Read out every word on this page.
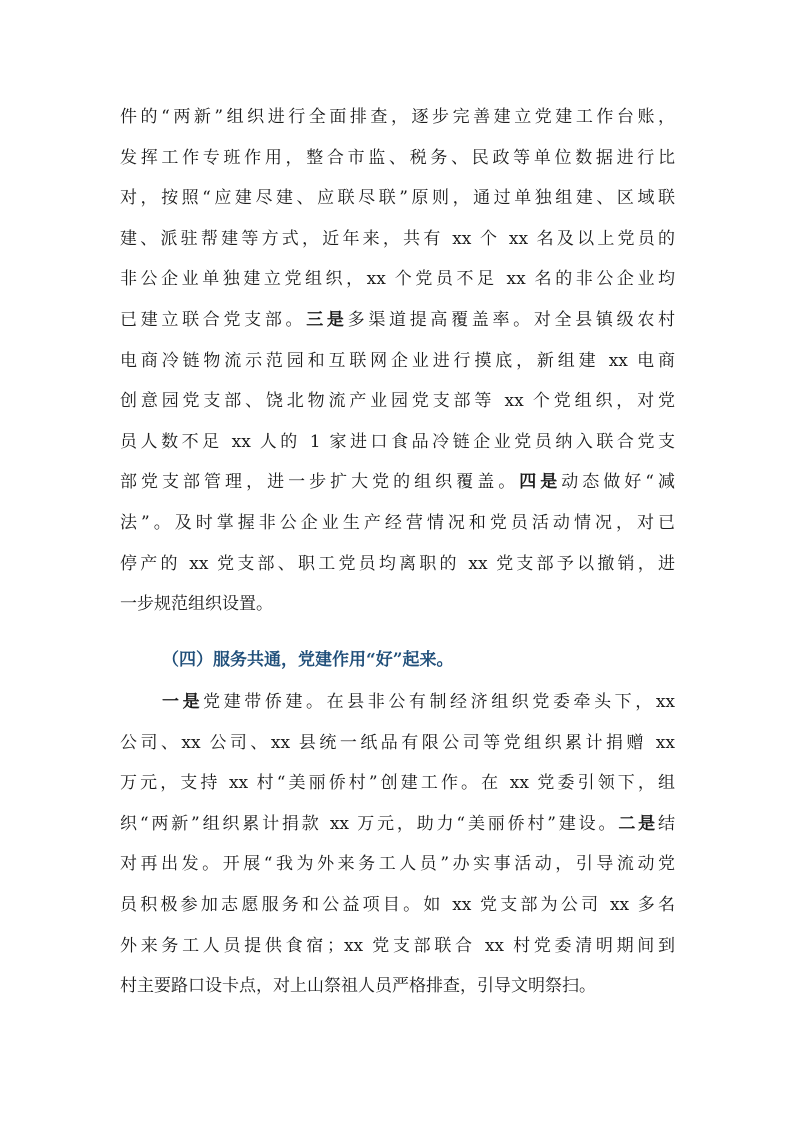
件的“两新”组织进行全面排查，逐步完善建立党建工作台账，
发挥工作专班作用，整合市监、税务、民政等单位数据进行比
对，按照“应建尽建、应联尽联”原则，通过单独组建、区域联
建、派驻帮建等方式，近年来，共有 xx 个 xx 名及以上党员的
非公企业单独建立党组织，xx 个党员不足 xx 名的非公企业均
已建立联合党支部。三是多渠道提高覆盖率。对全县镇级农村
电商冷链物流示范园和互联网企业进行摸底，新组建 xx 电商
创意园党支部、饶北物流产业园党支部等 xx 个党组织，对党
员人数不足 xx 人的 1 家进口食品冷链企业党员纳入联合党支
部党支部管理，进一步扩大党的组织覆盖。四是动态做好“减
法”。及时掌握非公企业生产经营情况和党员活动情况，对已
停产的 xx 党支部、职工党员均离职的 xx 党支部予以撤销，进
一步规范组织设置。
（四）服务共通，党建作用“好”起来。
一是党建带侨建。在县非公有制经济组织党委牵头下，xx
公司、xx 公司、xx 县统一纸品有限公司等党组织累计捐赠 xx
万元，支持 xx 村“美丽侨村”创建工作。在 xx 党委引领下，组
织“两新”组织累计捐款 xx 万元，助力“美丽侨村”建设。二是结
对再出发。开展“我为外来务工人员”办实事活动，引导流动党
员积极参加志愿服务和公益项目。如 xx 党支部为公司 xx 多名
外来务工人员提供食宿；xx 党支部联合 xx 村党委清明期间到
村主要路口设卡点，对上山祭祖人员严格排查，引导文明祭扫。
